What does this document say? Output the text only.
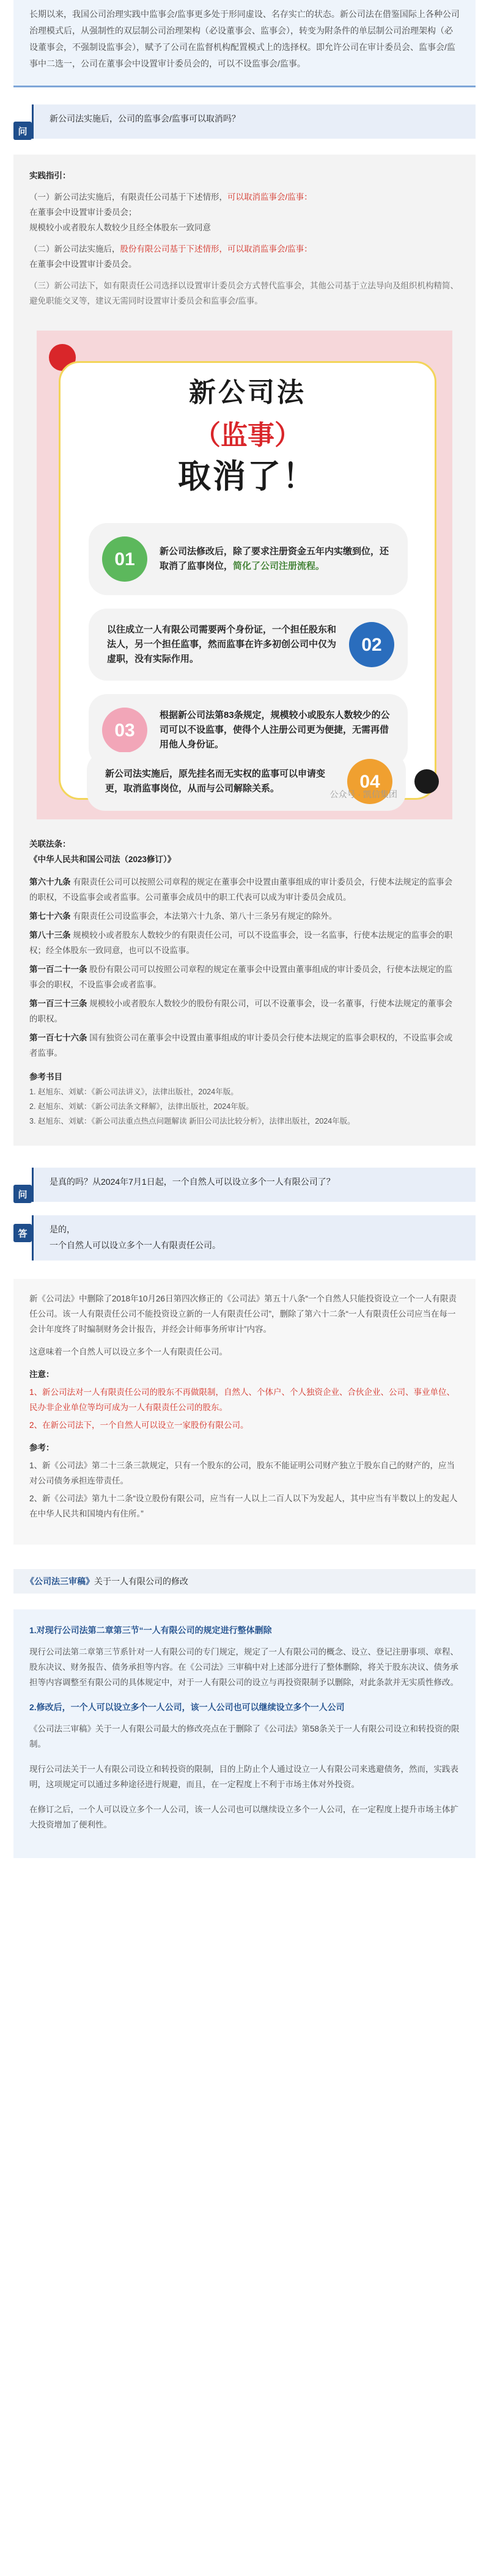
长期以来，我国公司治理实践中监事会/监事更多处于形同虚设、名存实亡的状态。新公司法在借鉴国际上各种公司治理模式后，从强制性的双层制公司治理架构（必设董事会、监事会），转变为附条件的单层制公司治理架构（必设董事会，不强制设监事会），赋予了公司在监督机构配置模式上的选择权。即允许公司在审计委员会、监事会/监事中二选一，公司在董事会中设置审计委员会的，可以不设监事会/监事。
问
新公司法实施后，公司的监事会/监事可以取消吗？
实践指引：

（一）新公司法实施后，有限责任公司基于下述情形，可以取消监事会/监事：
在董事会中设置审计委员会；
规模较小或者股东人数较少且经全体股东一致同意

（二）新公司法实施后，股份有限公司基于下述情形，可以取消监事会/监事：
在董事会中设置审计委员会。

（三）新公司法下，如有限责任公司选择以设置审计委员会方式替代监事会，其他公司基于立法导向及组织机构精简、避免职能交叉等，建议无需同时设置审计委员会和监事会/监事。

新公司法
（监事）
取消了！
01	新公司法修改后，除了要求注册资金五年内实缴到位，还取消了监事岗位，简化了公司注册流程。
以往成立一人有限公司需要两个身份证，一个担任股东和法人，另一个担任监事，然而监事在许多初创公司中仅为虚职，没有实际作用。
02
03
根据新公司法第83条规定，规模较小或股东人数较少的公司可以不设监事，使得个人注册公司更为便捷，无需再借用他人身份证。
新公司法实施后，原先挂名而无实权的监事可以申请变更，取消监事岗位，从而与公司解除关系。	04
公众号 · 凯信集团
关联法条：
《中华人民共和国公司法（2023修订）》

第六十九条 有限责任公司可以按照公司章程的规定在董事会中设置由董事组成的审计委员会，行使本法规定的监事会的职权，不设监事会或者监事。公司董事会成员中的职工代表可以成为审计委员会成员。

第七十六条 有限责任公司设监事会，本法第六十九条、第八十三条另有规定的除外。

第八十三条 规模较小或者股东人数较少的有限责任公司，可以不设监事会，设一名监事，行使本法规定的监事会的职权；经全体股东一致同意，也可以不设监事。

第一百二十一条 股份有限公司可以按照公司章程的规定在董事会中设置由董事组成的审计委员会，行使本法规定的监事会的职权，不设监事会或者监事。

第一百三十三条 规模较小或者股东人数较少的股份有限公司，可以不设董事会，设一名董事，行使本法规定的董事会的职权。

第一百七十六条 国有独资公司在董事会中设置由董事组成的审计委员会行使本法规定的监事会职权的，不设监事会或者监事。

参考书目
1. 赵旭东、刘斌：《新公司法讲义》，法律出版社，2024年版。
2. 赵旭东、刘斌：《新公司法条文释解》，法律出版社，2024年版。
3. 赵旭东、刘斌：《新公司法重点热点问题解读 新旧公司法比较分析》，法律出版社，2024年版。
问
是真的吗？从2024年7月1日起，一个自然人可以设立多个一人有限公司了？
答	是的，
一个自然人可以设立多个一人有限责任公司。

新《公司法》中删除了2018年10月26日第四次修正的《公司法》第五十八条“一个自然人只能投资设立一个一人有限责任公司。该一人有限责任公司不能投资设立新的一人有限责任公司”，删除了第六十二条“一人有限责任公司应当在每一会计年度终了时编制财务会计报告，并经会计师事务所审计”内容。

这意味着一个自然人可以设立多个一人有限责任公司。

注意：

1、新公司法对一人有限责任公司的股东不再做限制，自然人、个体户、个人独资企业、合伙企业、公司、事业单位、民办非企业单位等均可成为一人有限责任公司的股东。

2、在新公司法下，一个自然人可以设立一家股份有限公司。

参考：

1、新《公司法》第二十三条三款规定，只有一个股东的公司，股东不能证明公司财产独立于股东自己的财产的，应当对公司债务承担连带责任。

2、新《公司法》第九十二条“设立股份有限公司，应当有一人以上二百人以下为发起人，其中应当有半数以上的发起人在中华人民共和国境内有住所。”

《公司法三审稿》关于一人有限公司的修改
1.对现行公司法第二章第三节“一人有限公司的规定进行整体删除

现行公司法第二章第三节系针对一人有限公司的专门规定，规定了一人有限公司的概念、设立、登记注册事项、章程、股东决议、财务报告、债务承担等内容。在《公司法》三审稿中对上述部分进行了整体删除，将关于股东决议、债务承担等内容调整至有限公司的具体规定中，对于一人有限公司的设立与再投资限制予以删除，对此条款并无实质性修改。

2.修改后，一个人可以设立多个一人公司，该一人公司也可以继续设立多个一人公司

《公司法三审稿》关于一人有限公司最大的修改亮点在于删除了《公司法》第58条关于一人有限公司设立和转投资的限制。

现行公司法关于一人有限公司设立和转投资的限制，目的上防止个人通过设立一人有限公司来逃避债务，然而，实践表明，这项规定可以通过多种途径进行规避，而且，在一定程度上不利于市场主体对外投资。

在修订之后，一个人可以设立多个一人公司，该一人公司也可以继续设立多个一人公司，在一定程度上提升市场主体扩大投资增加了便利性。
